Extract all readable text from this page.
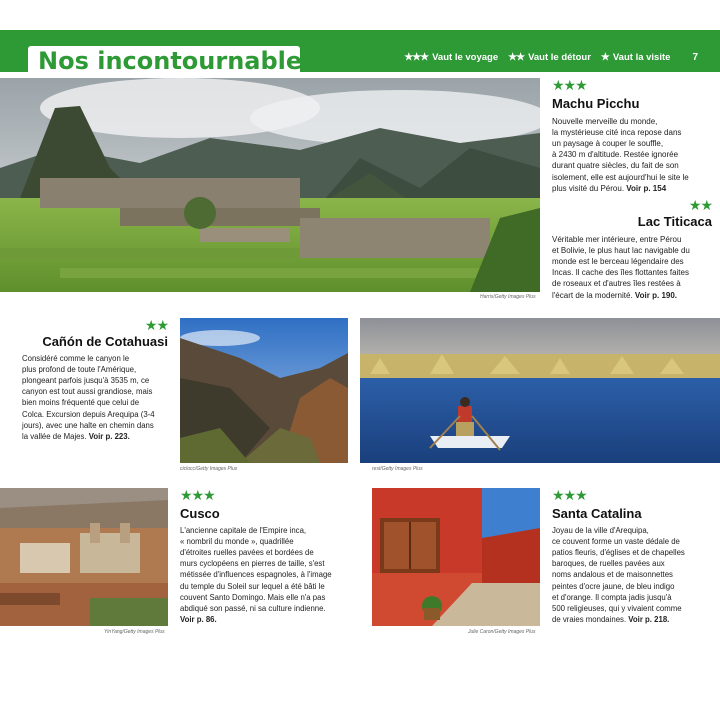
Nos incontournables	★★★ Vaut le voyage ★★ Vaut le détour ★ Vaut la visite 7
Harris/Getty Images Plus
★★★
Machu Picchu
Nouvelle merveille du monde,
la mystérieuse cité inca repose dans
un paysage à couper le souffle,
à 2430 m d'altitude. Restée ignorée
durant quatre siècles, du fait de son
isolement, elle est aujourd'hui le site le
plus visité du Pérou. Voir p. 154
★★
Lac Titicaca
Véritable mer intérieure, entre Pérou
et Bolivie, le plus haut lac navigable du
monde est le berceau légendaire des
Incas. Il cache des îles flottantes faites
de roseaux et d'autres îles restées à
l'écart de la modernité. Voir p. 190.
★★
Cañón de Cotahuasi
Considéré comme le canyon le
plus profond de toute l'Amérique,
plongeant parfois jusqu'à 3535 m, ce
canyon est tout aussi grandiose, mais
bien moins fréquenté que celui de
Colca. Excursion depuis Arequipa (3-4
jours), avec une halte en chemin dans
la vallée de Majes. Voir p. 223.
ciclocc/Getty Images Plus	rest/Getty Images Plus
YinYang/Getty Images Plus
★★★
Cusco
L'ancienne capitale de l'Empire inca,
« nombril du monde », quadrillée
d'étroites ruelles pavées et bordées de
murs cyclopéens en pierres de taille, s'est
métissée d'influences espagnoles, à l'image
du temple du Soleil sur lequel a été bâti le
couvent Santo Domingo. Mais elle n'a pas
abdiqué son passé, ni sa culture indienne.
Voir p. 86.
Julie Caron/Getty Images Plus
★★★
Santa Catalina
Joyau de la ville d'Arequipa,
ce couvent forme un vaste dédale de
patios fleuris, d'églises et de chapelles
baroques, de ruelles pavées aux
noms andalous et de maisonnettes
peintes d'ocre jaune, de bleu indigo
et d'orange. Il compta jadis jusqu'à
500 religieuses, qui y vivaient comme
de vraies mondaines. Voir p. 218.
